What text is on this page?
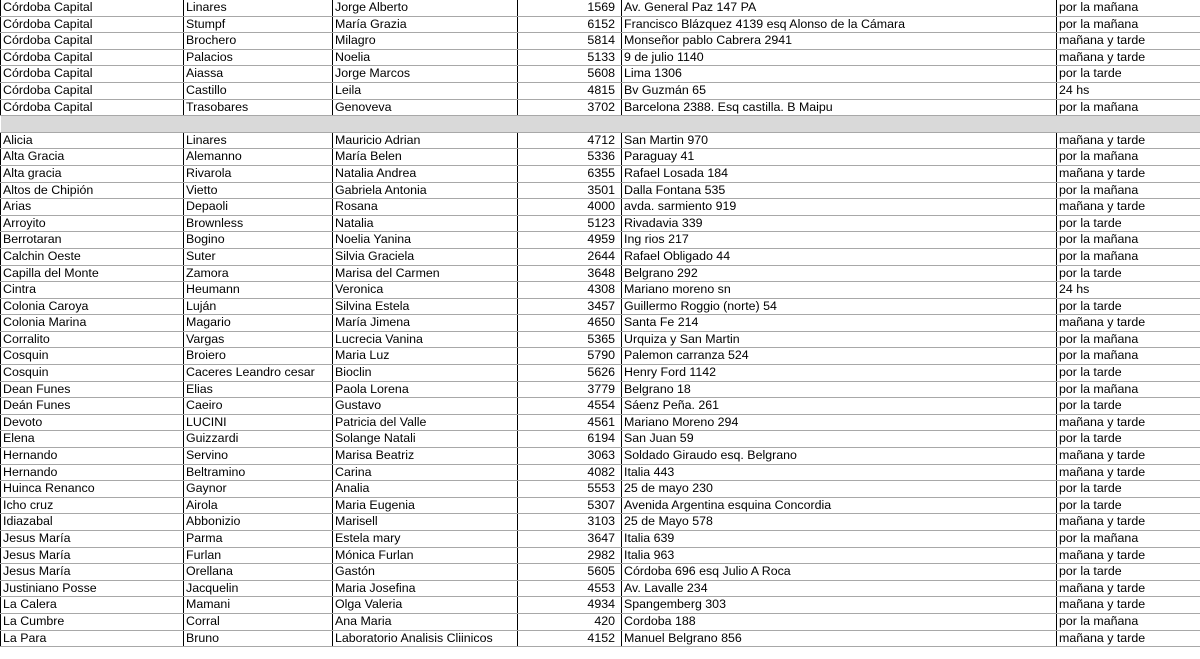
Córdoba Capital	Linares	Jorge Alberto	1569	Av. General Paz 147 PA	por la mañana
Córdoba Capital	Stumpf	María Grazia	6152	Francisco Blázquez 4139 esq Alonso de la Cámara	por la mañana
Córdoba Capital	Brochero	Milagro	5814	Monseñor pablo Cabrera 2941	mañana y tarde
Córdoba Capital	Palacios	Noelia	5133	9 de julio 1140	mañana y tarde
Córdoba Capital	Aiassa	Jorge Marcos	5608	Lima 1306	por la tarde
Córdoba Capital	Castillo	Leila	4815	Bv Guzmán 65	24 hs
Córdoba Capital	Trasobares	Genoveva	3702	Barcelona 2388. Esq castilla. B Maipu	por la mañana

Alicia	Linares	Mauricio Adrian	4712	San Martin 970	mañana y tarde
Alta Gracia	Alemanno	María Belen	5336	Paraguay 41	por la mañana
Alta gracia	Rivarola	Natalia Andrea	6355	Rafael Losada 184	mañana y tarde
Altos de Chipión	Vietto	Gabriela Antonia	3501	Dalla Fontana 535	por la mañana
Arias	Depaoli	Rosana	4000	avda. sarmiento 919	mañana y tarde
Arroyito	Brownless	Natalia	5123	Rivadavia 339	por la tarde
Berrotaran	Bogino	Noelia Yanina	4959	Ing rios 217	por la mañana
Calchin Oeste	Suter	Silvia Graciela	2644	Rafael Obligado 44	por la mañana
Capilla del Monte	Zamora	Marisa del Carmen	3648	Belgrano 292	por la tarde
Cintra	Heumann	Veronica	4308	Mariano moreno sn	24 hs
Colonia Caroya	Luján	Silvina Estela	3457	Guillermo Roggio (norte) 54	por la tarde
Colonia Marina	Magario	María Jimena	4650	Santa Fe 214	mañana y tarde
Corralito	Vargas	Lucrecia Vanina	5365	Urquiza y San Martin	por la mañana
Cosquin	Broiero	Maria Luz	5790	Palemon carranza 524	por la mañana
Cosquin	Caceres Leandro cesar	Bioclin	5626	Henry Ford 1142	por la tarde
Dean Funes	Elias	Paola Lorena	3779	Belgrano 18	por la mañana
Deán Funes	Caeiro	Gustavo	4554	Sáenz Peña. 261	por la tarde
Devoto	LUCINI	Patricia del Valle	4561	Mariano Moreno 294	mañana y tarde
Elena	Guizzardi	Solange Natali	6194	San Juan 59	por la tarde
Hernando	Servino	Marisa Beatriz	3063	Soldado Giraudo esq. Belgrano	mañana y tarde
Hernando	Beltramino	Carina	4082	Italia 443	mañana y tarde
Huinca Renanco	Gaynor	Analia	5553	25 de mayo 230	por la tarde
Icho cruz	Airola	Maria Eugenia	5307	Avenida Argentina esquina Concordia	por la tarde
Idiazabal	Abbonizio	Marisell	3103	25 de Mayo 578	mañana y tarde
Jesus María	Parma	Estela mary	3647	Italia 639	por la mañana
Jesus María	Furlan	Mónica Furlan	2982	Italia 963	mañana y tarde
Jesus María	Orellana	Gastón	5605	Córdoba 696 esq Julio A Roca	por la tarde
Justiniano Posse	Jacquelin	Maria Josefina	4553	Av. Lavalle 234	mañana y tarde
La Calera	Mamani	Olga Valeria	4934	Spangemberg 303	mañana y tarde
La Cumbre	Corral	Ana Maria	420	Cordoba 188	por la mañana
La Para	Bruno	Laboratorio Analisis Cliinicos	4152	Manuel Belgrano 856	mañana y tarde
